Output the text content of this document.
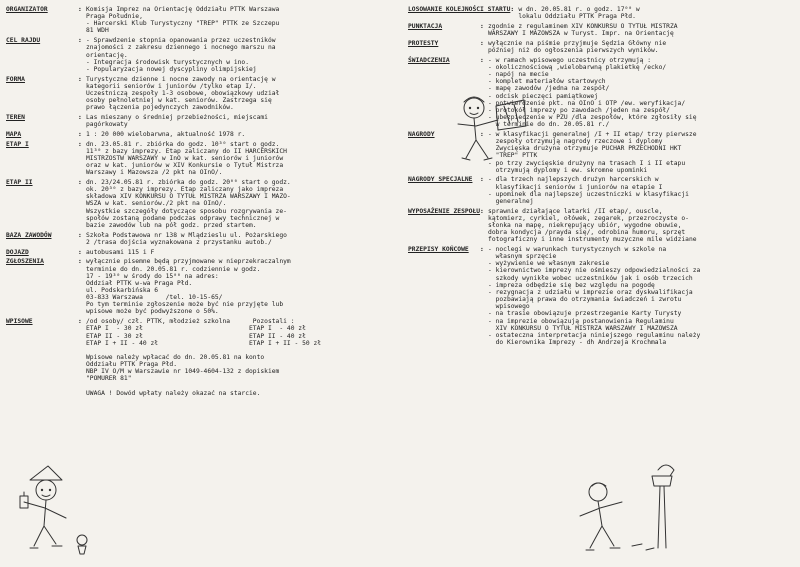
ORGANIZATOR	: Komisja Imprez na Orientację Oddziału PTTK Warszawa
Praga Południe,
- Harcerski Klub Turystyczny "TREP" PTTK ze Szczepu
81 WDH
CEL RAJDU	: - Sprawdzenie stopnia opanowania przez uczestników
znajomości z zakresu dziennego i nocnego marszu na
orientację.
- Integracja środowisk turystycznych w ino.
- Popularyzacja nowej dyscypliny olimpijskiej
FORMA	: Turystyczne dzienne i nocne zawody na orientację w
kategorii seniorów i juniorów /tylko etap I/.
Uczestniczą zespoły 1-3 osobowe, obowiązkowy udział
osoby pełnoletniej w kat. seniorów. Zastrzega się
prawo łączenia pojedynczych zawodników.
TEREN	: Las mieszany o średniej przebieżności, miejscami
pagórkowaty
MAPA	: 1 : 20 000 wielobarwna, aktualność 1978 r.
ETAP I	: dn. 23.05.81 r. zbiórka do godz. 10³⁰ start o godz.
11³⁰ z bazy imprezy. Etap zaliczany do II HARCERSKICH
MISTRZOSTW WARSZAWY w InO w kat. seniorów i juniorów
oraz w kat. juniorów w XIV Konkursie o Tytuł Mistrza
Warszawy i Mazowsza /2 pkt na OInO/.
ETAP II	: dn. 23/24.05.81 r. zbiórka do godz. 20⁰⁰ start o godz.
ok. 20³⁰ z bazy imprezy. Etap zaliczany jako impreza
składowa XIV KONKURSU O TYTUŁ MISTRZA WARSZAWY I MAZO-
WSZA w kat. seniorów./2 pkt na OInO/.
Wszystkie szczegóły dotyczące sposobu rozgrywania ze-
społów zostaną podane podczas odprawy technicznej w
bazie zawodów lub na pół godz. przed startem.
BAZA ZAWODÓW	: Szkoła Podstawowa nr 138 w Mlądzieslu ul. Pożarskiego
2 /trasa dojścia wyznakowana z przystanku autob./
DOJAZD	: autobusami 115 i F
ZGŁOSZENIA	: wyłącznie pisemne będą przyjmowane w nieprzekraczalnym
terminie do dn. 20.05.81 r. codziennie w godz.
17 - 19³⁰ w środy do 15⁰⁰ na adres:
Oddział PTTK w-wa Praga Płd.
ul. Podskarbińska 6
03-833 Warszawa      /tel. 10-15-65/
Po tym terminie zgłoszenie może być nie przyjęte lub
wpisowe może być podwyższone o 50%.
WPISOWE	: /od osoby/ czł. PTTK, młodzież szkolna      Pozostali :
ETAP I  - 30 zł                            ETAP I  - 40 zł
ETAP II - 30 zł                            ETAP II - 40 zł
ETAP I + II - 40 zł                        ETAP I + II - 50 zł

Wpisowe należy wpłacać do dn. 20.05.81 na konto
Oddziału PTTK Praga Płd.
NBP IV O/M w Warszawie nr 1049-4604-132 z dopiskiem
"POMURER 81"

UWAGA ! Dowód wpłaty należy okazać na starcie.
LOSOWANIE KOLEJNOŚCI STARTU : w dn. 20.05.81 r. o godz. 17⁰⁰ w
lokalu Oddziału PTTK Praga Płd.
PUNKTACJA	: zgodnie z regulaminem XIV KONKURSU O TYTUŁ MISTRZA
WARSZAWY I MAZOWSZA w Turyst. Impr. na Orientację
PROTESTY	: wyłącznie na piśmie przyjmuje Sędzia Główny nie
później niż do ogłoszenia pierwszych wyników.
ŚWIADCZENIA	: - w ramach wpisowego uczestnicy otrzymują :
- okolicznościową ,wielobarwną plakietkę /ecko/
- napój na mecie
- komplet materiałów startowych
- mapę zawodów /jedna na zespół/
- odcisk pieczęci pamiątkowej
- potwierdzenie pkt. na OInO i OTP /ew. weryfikacja/
- protokół imprezy po zawodach /jeden na zespół/
- ubezpieczenie w PZU /dla zespołów, które zgłosiły się
w terminie do dn. 20.05.81 r./
NAGRODY	: - w klasyfikacji generalnej /I + II etap/ trzy pierwsze
zespoły otrzymują nagrody rzeczowe i dyplomy
Zwycięska drużyna otrzymuje PUCHAR PRZECHODNI HKT
"TREP" PTTK
- po trzy zwycięskie drużyny na trasach I i II etapu
otrzymują dyplomy i ew. skromne upominki
NAGRODY SPECJALNE	: - dla trzech najlepszych drużyn harcerskich w
klasyfikacji seniorów i juniorów na etapie I
- upominek dla najlepszej uczestniczki w klasyfikacji
generalnej
WYPOSAŻENIE ZESPOŁU : sprawnie działające latarki /II etap/, ouscle,
kątomierz, cyrkiel, ołówek, zegarek, przezroczyste o-
słonka na mapę, niekrępujący ubiór, wygodne obuwie,
dobra kondycja /prayda się/, odrobina humoru, sprzęt
fotograficzny i inne instrumenty muzyczne mile widziane
PRZEPISY KOŃCOWE	: - noclegi w warunkach turystycznych w szkole na
własnym sprzęcie
- wyżywienie we własnym zakresie
- kierownictwo imprezy nie ośmieszy odpowiedzialności za
szkody wynikłe wobec uczestników jak i osób trzecich
- impreza odbędzie się bez względu na pogodę
- rezygnacja z udziału w imprezie oraz dyskwalifikacja
pozbawiają prawa do otrzymania świadczeń i zwrotu
wpisowego
- na trasie obowiązuje przestrzeganie Karty Turysty
- na imprezie obowiązują postanowienia Regulaminu
XIV KONKURSU O TYTUŁ MISTRZA WARSZAWY I MAZOWSZA
- ostateczna interpretacja niniejszego regulaminu należy
do Kierownika Imprezy - dh Andrzeja Krochmala
